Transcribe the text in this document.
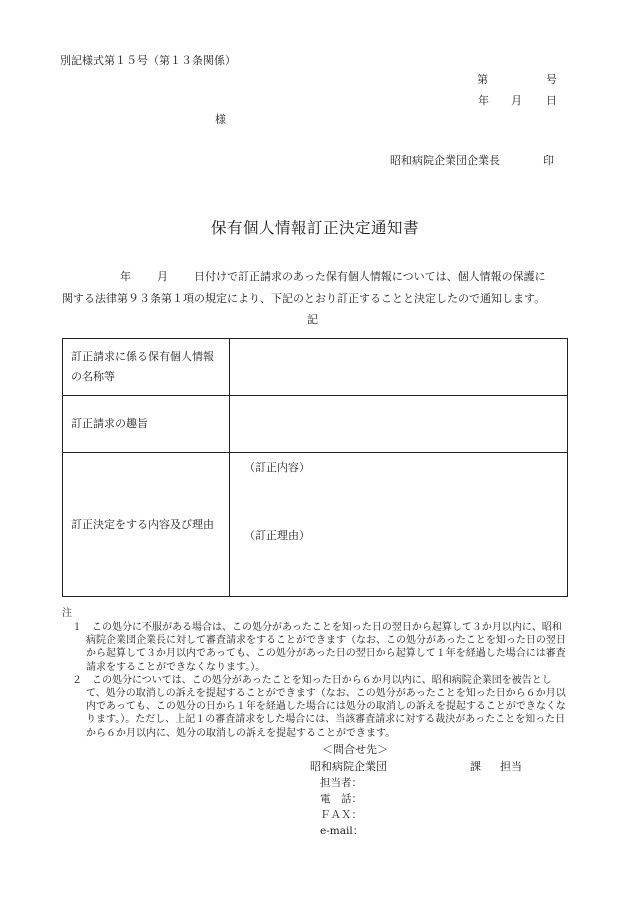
別記様式第１５号（第１３条関係）
第	号
年 月 日
様
昭和病院企業団企業長	印
保有個人情報訂正決定通知書
年 月 日付けで訂正請求のあった保有個人情報については、個人情報の保護に
関する法律第９３条第１項の規定により、下記のとおり訂正することと決定したので通知します。
記
訂正請求に係る保有個人情報の名称等	
訂正請求の趣旨	
訂正決定をする内容及び理由	（訂正内容）
（訂正理由）
注

１　この処分に不服がある場合は、この処分があったことを知った日の翌日から起算して３か月以内に、昭和病院企業団企業長に対して審査請求をすることができます（なお、この処分があったことを知った日の翌日から起算して３か月以内であっても、この処分があった日の翌日から起算して１年を経過した場合には審査請求をすることができなくなります。）。

２　この処分については、この処分があったことを知った日から６か月以内に、昭和病院企業団を被告として、処分の取消しの訴えを提起することができます（なお、この処分があったことを知った日から６か月以内であっても、この処分の日から１年を経過した場合には処分の取消しの訴えを提起することができなくなります。）。ただし、上記１の審査請求をした場合には、当該審査請求に対する裁決があったことを知った日から６か月以内に、処分の取消しの訴えを提起することができます。

＜問合せ先＞
昭和病院企業団	課 担当
担当者：
電　話：
ＦＡＸ：
e-mail：
